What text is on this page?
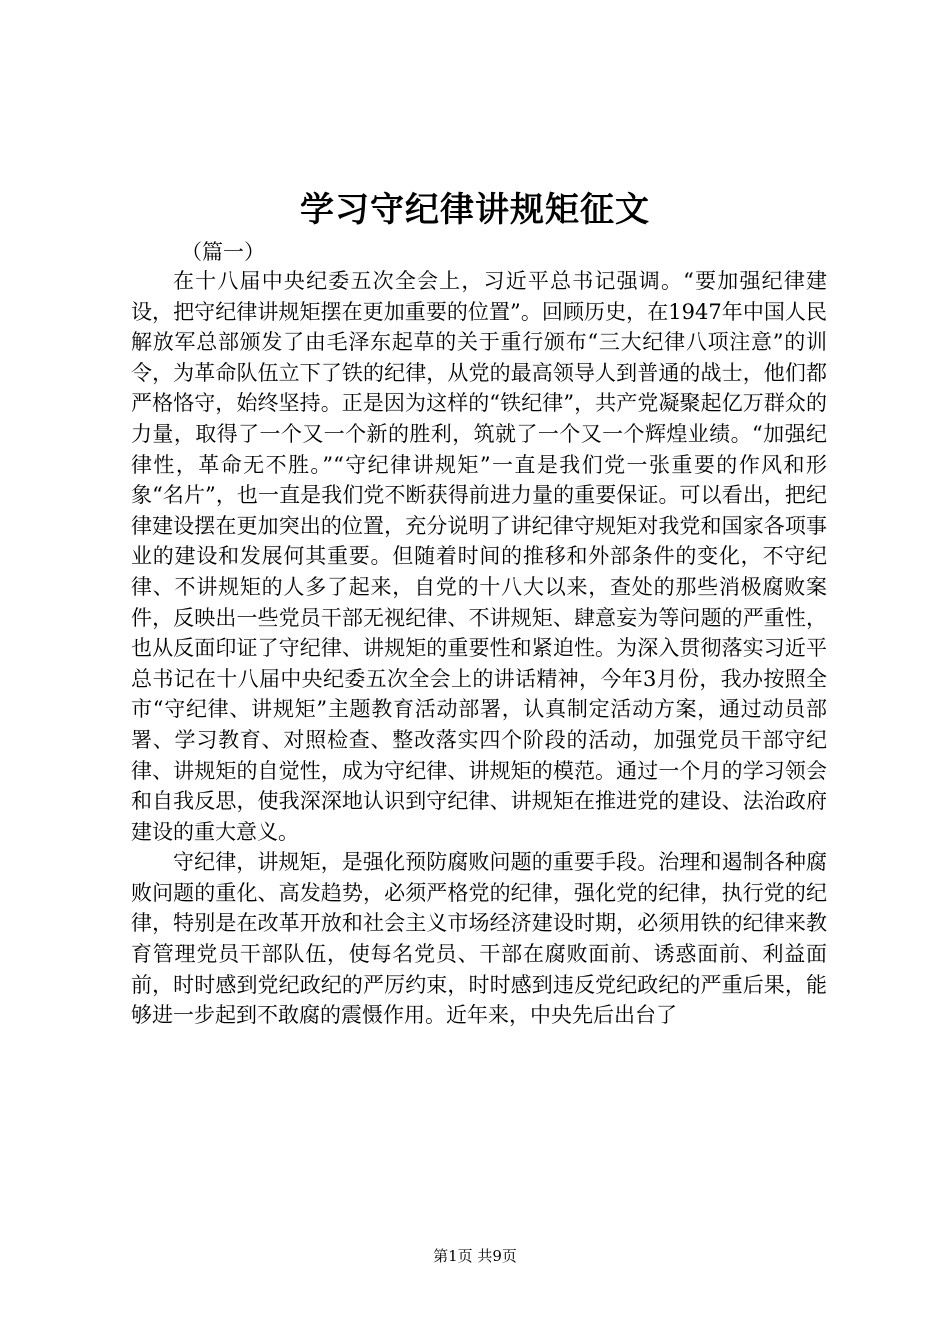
学习守纪律讲规矩征文
（篇一）

在十八届中央纪委五次全会上，习近平总书记强调。“要加强纪律建设，把守纪律讲规矩摆在更加重要的位置”。回顾历史，在1947年中国人民解放军总部颁发了由毛泽东起草的关于重行颁布“三大纪律八项注意”的训令，为革命队伍立下了铁的纪律，从党的最高领导人到普通的战士，他们都严格恪守，始终坚持。正是因为这样的“铁纪律”，共产党凝聚起亿万群众的力量，取得了一个又一个新的胜利，筑就了一个又一个辉煌业绩。“加强纪律性，革命无不胜。”“守纪律讲规矩”一直是我们党一张重要的作风和形象“名片”，也一直是我们党不断获得前进力量的重要保证。可以看出，把纪律建设摆在更加突出的位置，充分说明了讲纪律守规矩对我党和国家各项事业的建设和发展何其重要。但随着时间的推移和外部条件的变化，不守纪律、不讲规矩的人多了起来，自党的十八大以来，查处的那些消极腐败案件，反映出一些党员干部无视纪律、不讲规矩、肆意妄为等问题的严重性，也从反面印证了守纪律、讲规矩的重要性和紧迫性。为深入贯彻落实习近平总书记在十八届中央纪委五次全会上的讲话精神，今年3月份，我办按照全市“守纪律、讲规矩”主题教育活动部署，认真制定活动方案，通过动员部署、学习教育、对照检查、整改落实四个阶段的活动，加强党员干部守纪律、讲规矩的自觉性，成为守纪律、讲规矩的模范。通过一个月的学习领会和自我反思，使我深深地认识到守纪律、讲规矩在推进党的建设、法治政府建设的重大意义。

守纪律，讲规矩，是强化预防腐败问题的重要手段。治理和遏制各种腐败问题的重化、高发趋势，必须严格党的纪律，强化党的纪律，执行党的纪律，特别是在改革开放和社会主义市场经济建设时期，必须用铁的纪律来教育管理党员干部队伍，使每名党员、干部在腐败面前、诱惑面前、利益面前，时时感到党纪政纪的严厉约束，时时感到违反党纪政纪的严重后果，能够进一步起到不敢腐的震慑作用。近年来，中央先后出台了

第1页 共9页
